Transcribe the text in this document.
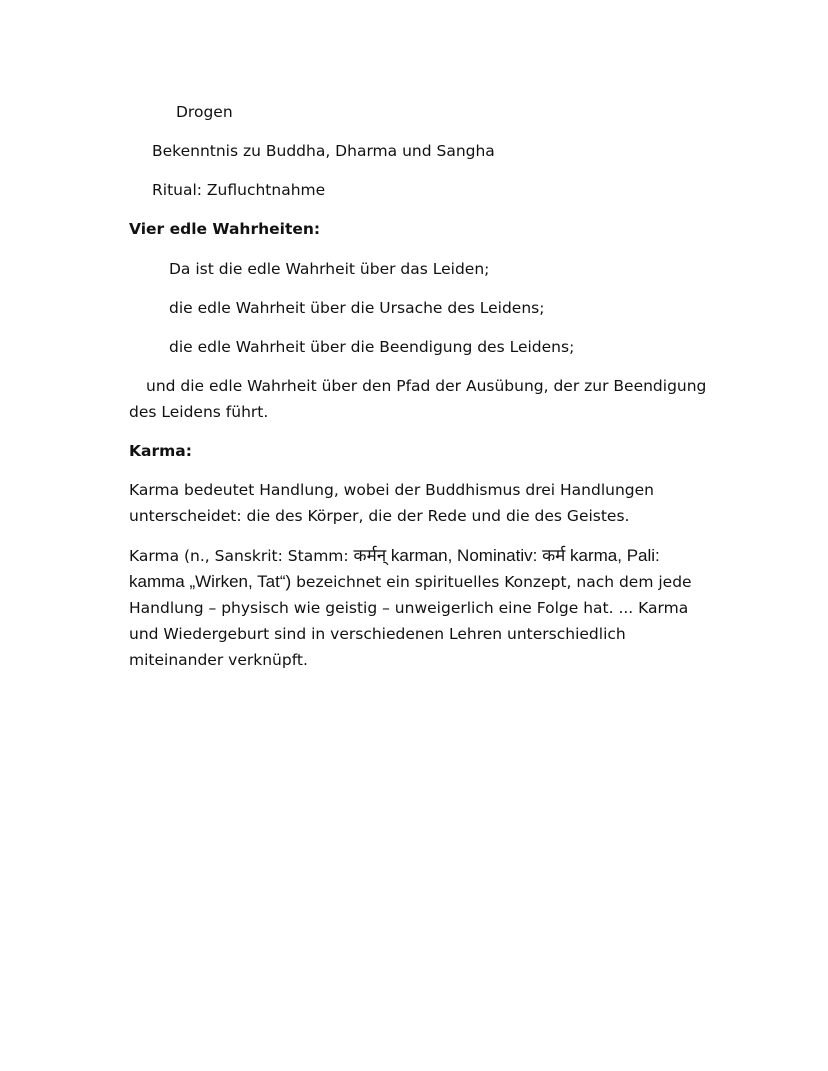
Drogen
Bekenntnis zu Buddha, Dharma und Sangha
Ritual: Zufluchtnahme
Vier edle Wahrheiten:
Da ist die edle Wahrheit über das Leiden;
die edle Wahrheit über die Ursache des Leidens;
die edle Wahrheit über die Beendigung des Leidens;
und die edle Wahrheit über den Pfad der Ausübung, der zur Beendigung
des Leidens führt.
Karma:
Karma bedeutet Handlung, wobei der Buddhismus drei Handlungen unterscheidet: die des Körper, die der Rede und die des Geistes.
Karma (n., Sanskrit: Stamm: कर्मन् karman, Nominativ: कर्म karma, Pali: kamma „Wirken, Tat“) bezeichnet ein spirituelles Konzept, nach dem jede Handlung – physisch wie geistig – unweigerlich eine Folge hat. ... Karma und Wiedergeburt sind in verschiedenen Lehren unterschiedlich miteinander verknüpft.
